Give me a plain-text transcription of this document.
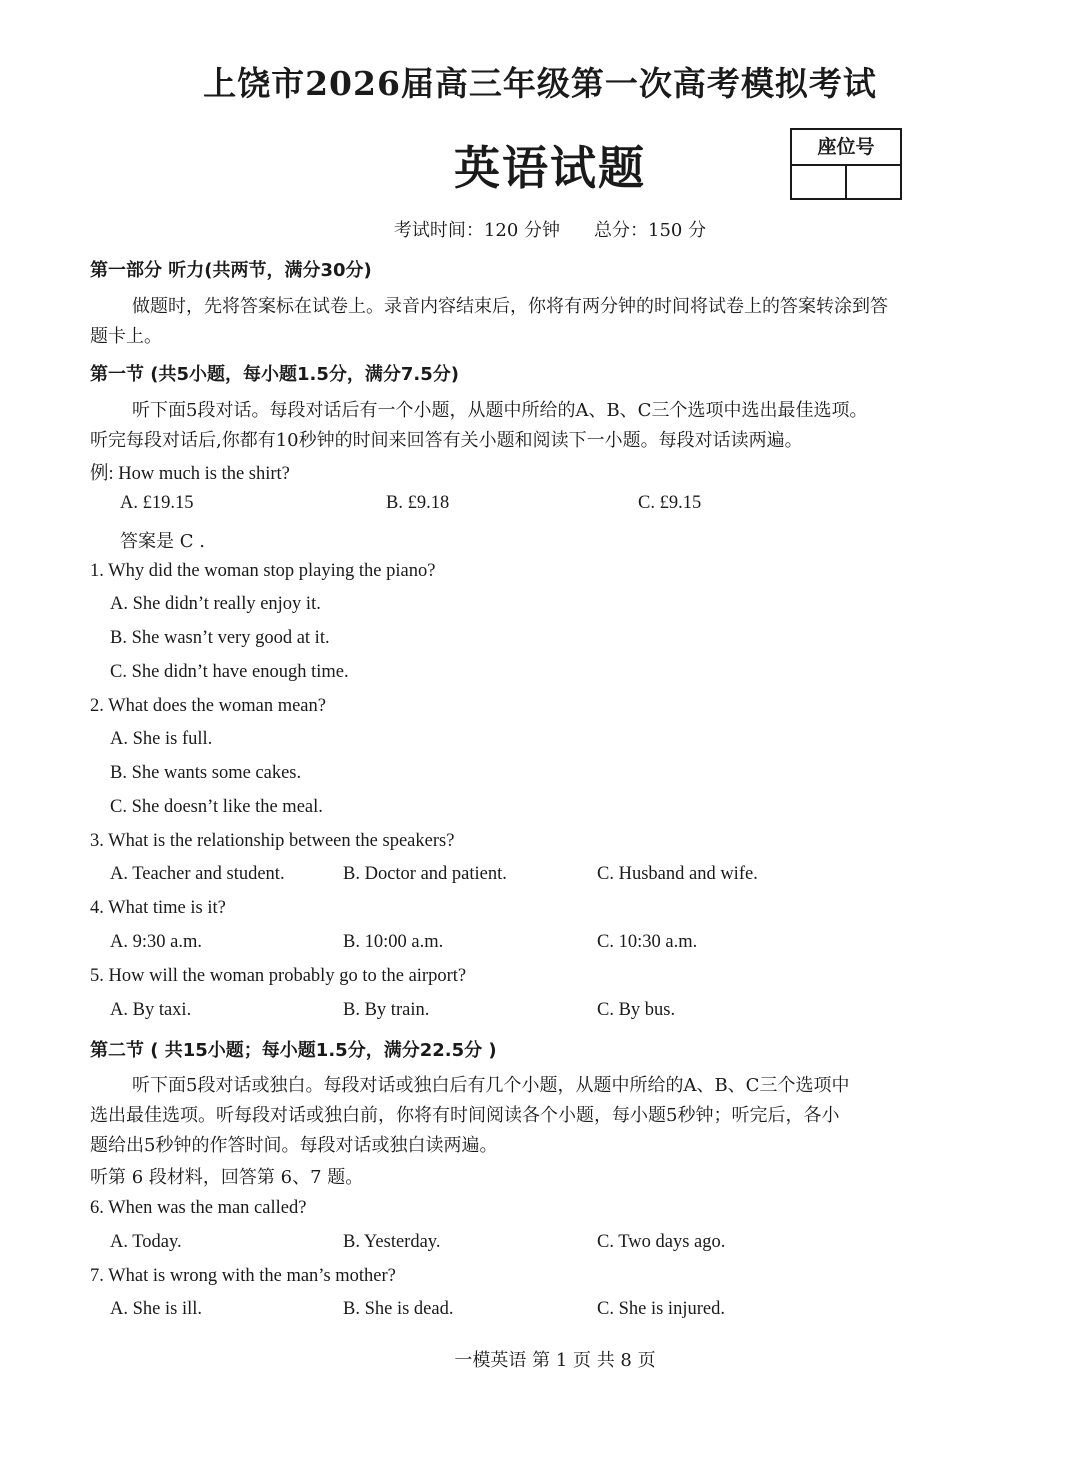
上饶市2026届高三年级第一次高考模拟考试
英语试题	座位号
考试时间：120 分钟 总分：150 分
第一部分 听力(共两节，满分30分)
做题时，先将答案标在试卷上。录音内容结束后，你将有两分钟的时间将试卷上的答案转涂到答
题卡上。
第一节 (共5小题，每小题1.5分，满分7.5分)
听下面5段对话。每段对话后有一个小题，从题中所给的A、B、C三个选项中选出最佳选项。
听完每段对话后,你都有10秒钟的时间来回答有关小题和阅读下一小题。每段对话读两遍。
例: How much is the shirt?
A. £19.15	B. £9.18	C. £9.15
答案是 C .
1. Why did the woman stop playing the piano?
A. She didn’t really enjoy it.
B. She wasn’t very good at it.
C. She didn’t have enough time.
2. What does the woman mean?
A. She is full.
B. She wants some cakes.
C. She doesn’t like the meal.
3. What is the relationship between the speakers?
A. Teacher and student.	B. Doctor and patient.	C. Husband and wife.
4. What time is it?
A. 9:30 a.m.	B. 10:00 a.m.	C. 10:30 a.m.
5. How will the woman probably go to the airport?
A. By taxi.	B. By train.	C. By bus.
第二节 ( 共15小题；每小题1.5分，满分22.5分 )
听下面5段对话或独白。每段对话或独白后有几个小题，从题中所给的A、B、C三个选项中
选出最佳选项。听每段对话或独白前，你将有时间阅读各个小题，每小题5秒钟；听完后，各小
题给出5秒钟的作答时间。每段对话或独白读两遍。
听第 6 段材料，回答第 6、7 题。
6. When was the man called?
A. Today.	B. Yesterday.	C. Two days ago.
7. What is wrong with the man’s mother?
A. She is ill.	B. She is dead.	C. She is injured.
一模英语 第 1 页 共 8 页
